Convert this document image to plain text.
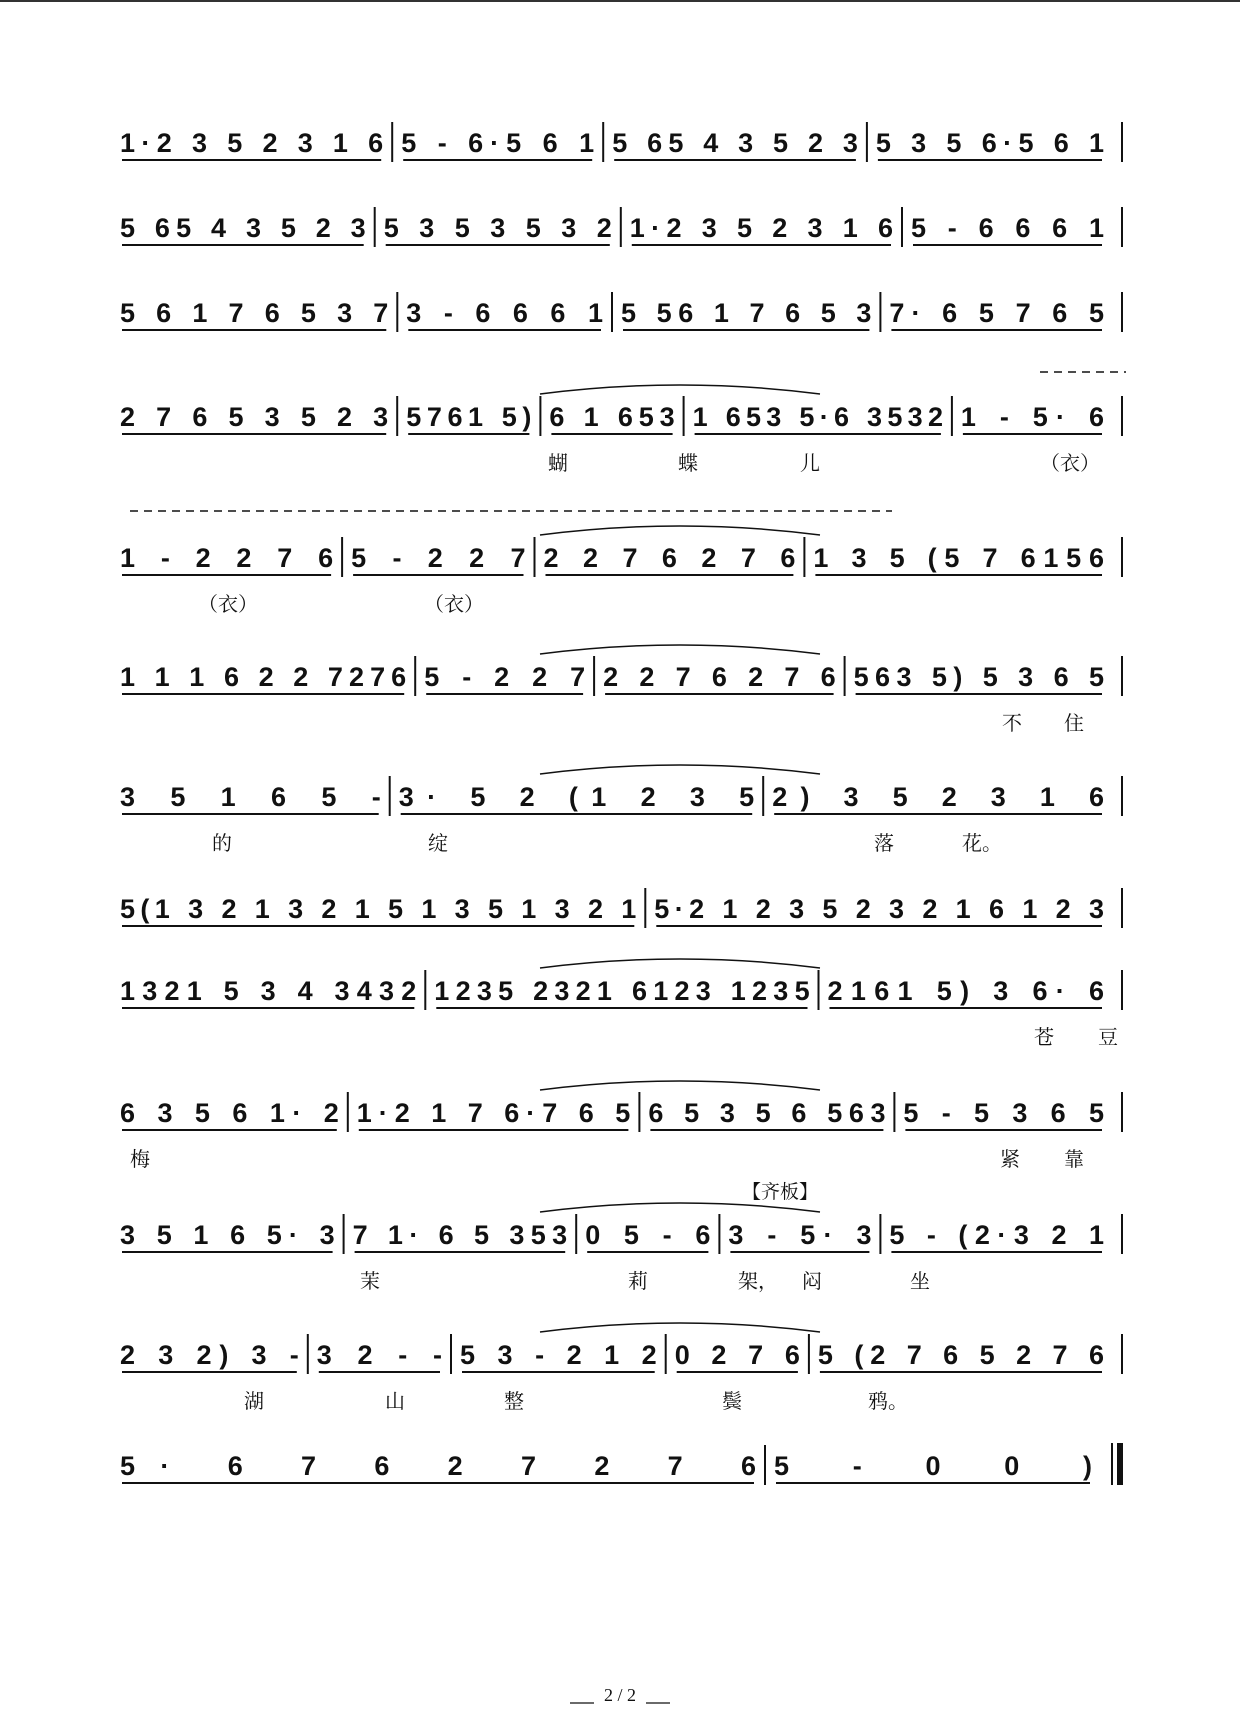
1·2 3 5 2 3 1 6 5 - 6·5 6 1 5 65 4 3 5 2 3 5 3 5 6·5 6 1
5 65 4 3 5 2 3 5 3 5 3 5 3 2 1·2 3 5 2 3 1 6 5 - 6 6 6 1
5 6 1 7 6 5 3 7 3 - 6 6 6 1 5 56 1 7 6 5 3 7· 6 5 7 6 5
2 7 6 5 3 5 2 3 5761 5) 6 1 653 1 653 5·6 3532 1 - 5· 6
蝴	蝶	儿	（衣）
1 - 2 2 7 6 5 - 2 2 7 2 2 7 6 2 7 6 1 3 5 (5 7 6156
（衣）	（衣）
1 1 1 6 2 2 7276 5 - 2 2 7 2 2 7 6 2 7 6 563 5) 5 3 6 5
不 住
3 5 1 6 5 - 3· 5 2 (1 2 3 5 2) 3 5 2 3 1 6
的	绽	落	花。
5(1 3 2 1 3 2 1 5 1 3 5 1 3 2 1 5·2 1 2 3 5 2 3 2 1 6 1 2 3
1321 5 3 4 3432 1235 2321 6123 1235 2161 5) 3 6· 6
苍 豆
6 3 5 6 1· 2 1·2 1 7 6·7 6 5 6 5 3 5 6 563 5 - 5 3 6 5
梅	紧 靠
3 5 1 6 5· 3 7 1· 6 5 353 0 5 - 6 3 - 5· 3 5 - (2·3 2 1
茉	莉	架， 闷	坐
【齐板】
2 3 2) 3 - 3 2 - - 5 3 - 2 1 2 0 2 7 6 5 (2 7 6 5 2 7 6
湖	山	整	鬓	鸦。
5· 6 7 6 2 7 2 7 6 5 - 0 0 )
2 / 2
